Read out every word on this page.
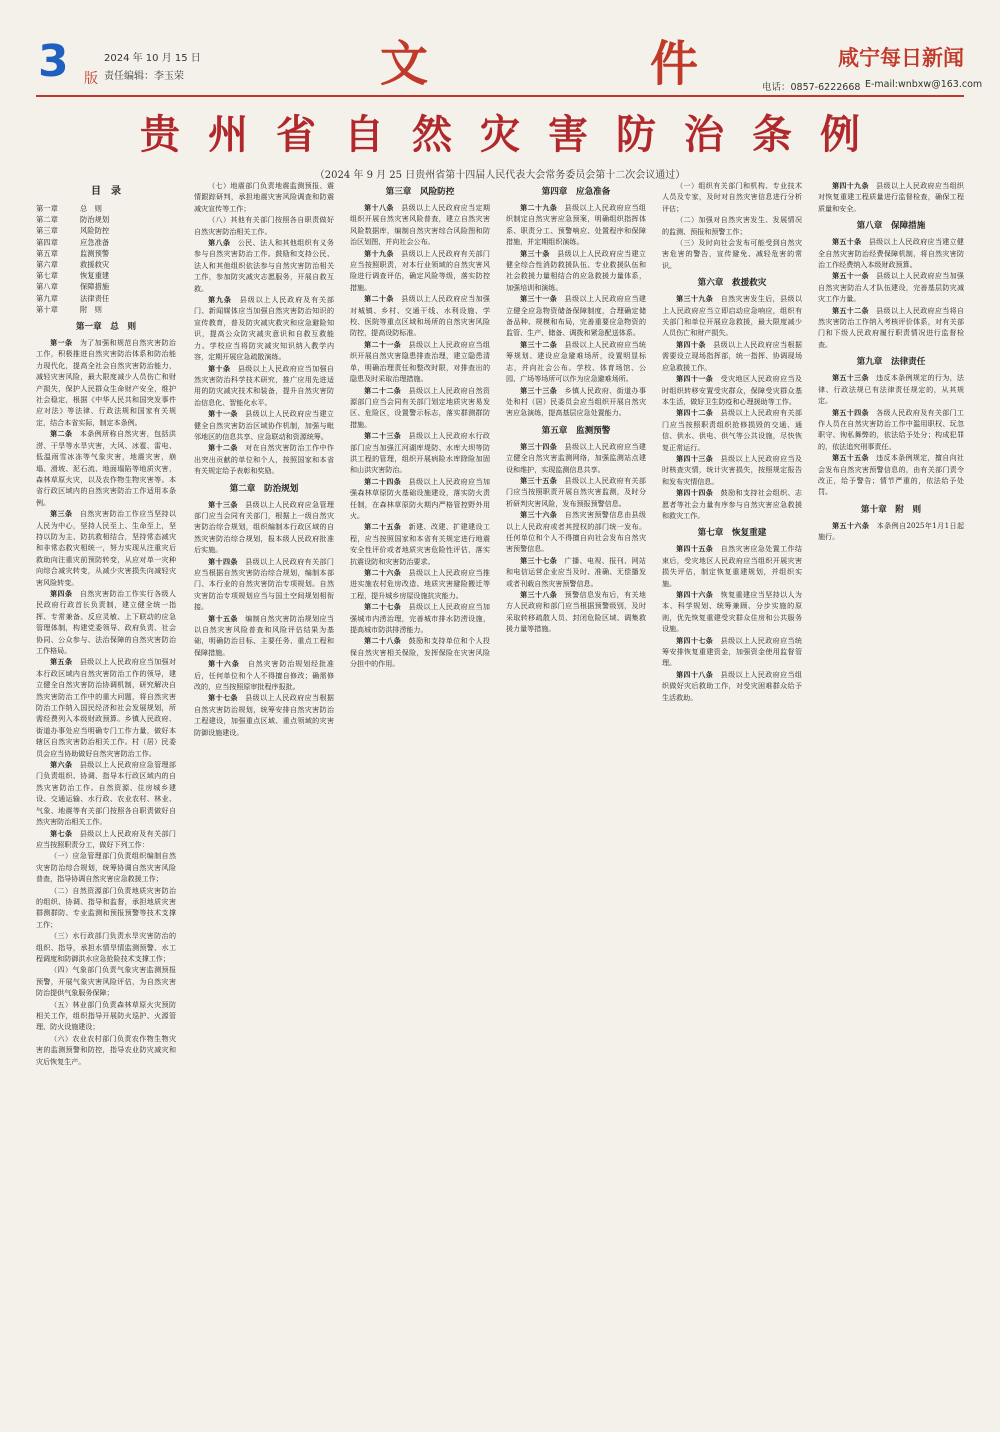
3 版
2024 年 10 月 15 日
责任编辑：李玉荣	文	件	咸宁每日新闻
电话：0857-6222668 E-mail:wnbxw@163.com
贵 州 省 自 然 灾 害 防 治 条 例
（2024 年 9 月 25 日贵州省第十四届人民代表大会常务委员会第十二次会议通过）
目　录
第一章	总　则
第二章	防治规划
第三章	风险防控
第四章	应急准备
第五章	监测预警
第六章	救援救灾
第七章	恢复重建
第八章	保障措施
第九章	法律责任
第十章	附　则
第一章　总　则

第一条　 为了加强和规范自然灾害防治工作，积极推进自然灾害防治体系和防治能力现代化，提高全社会自然灾害防治能力，减轻灾害风险，最大限度减少人员伤亡和财产损失，保护人民群众生命财产安全，维护社会稳定，根据《中华人民共和国突发事件应对法》等法律、行政法规和国家有关规定，结合本省实际，制定本条例。

第二条　 本条例所称自然灾害，包括洪涝、干旱等水旱灾害，大风、冰雹、雷电、低温雨雪冰冻等气象灾害，地震灾害，崩塌、滑坡、泥石流、地面塌陷等地质灾害，森林草原火灾，以及农作物生物灾害等。本省行政区域内的自然灾害防治工作适用本条例。

第三条　 自然灾害防治工作应当坚持以人民为中心，坚持人民至上、生命至上，坚持以防为主、防抗救相结合，坚持常态减灾和非常态救灾相统一，努力实现从注重灾后救助向注重灾前预防转变，从应对单一灾种向综合减灾转变，从减少灾害损失向减轻灾害风险转变。

第四条　 自然灾害防治工作实行各级人民政府行政首长负责制，建立健全统一指挥、专常兼备、反应灵敏、上下联动的应急管理体制，构建党委领导、政府负责、社会协同、公众参与、法治保障的自然灾害防治工作格局。

第五条　 县级以上人民政府应当加强对本行政区域内自然灾害防治工作的领导，建立健全自然灾害防治协调机制，研究解决自然灾害防治工作中的重大问题，将自然灾害防治工作纳入国民经济和社会发展规划，所需经费列入本级财政预算。乡镇人民政府、街道办事处应当明确专门工作力量，做好本辖区自然灾害防治相关工作。村（居）民委员会应当协助做好自然灾害防治工作。

第六条　 县级以上人民政府应急管理部门负责组织、协调、指导本行政区域内的自然灾害防治工作。自然资源、住房城乡建设、交通运输、水行政、农业农村、林业、气象、地震等有关部门按照各自职责做好自然灾害防治相关工作。

第七条　 县级以上人民政府及有关部门应当按照职责分工，做好下列工作：

（一）应急管理部门负责组织编制自然灾害防治综合规划，统筹协调自然灾害风险普查，指导协调自然灾害应急救援工作；

（二）自然资源部门负责地质灾害防治的组织、协调、指导和监督，承担地质灾害群测群防、专业监测和预报预警等技术支撑工作；

（三）水行政部门负责水旱灾害防治的组织、指导，承担水情旱情监测预警、水工程调度和防御洪水应急抢险技术支撑工作；

（四）气象部门负责气象灾害监测预报预警，开展气象灾害风险评估，为自然灾害防治提供气象服务保障；

（五）林业部门负责森林草原火灾预防相关工作，组织指导开展防火巡护、火源管理、防火设施建设；

（六）农业农村部门负责农作物生物灾害的监测预警和防控，指导农业防灾减灾和灾后恢复生产。

（七）地震部门负责地震监测预报、震情跟踪研判，承担地震灾害风险调查和防震减灾宣传等工作；

（八）其他有关部门按照各自职责做好自然灾害防治相关工作。

第八条　 公民、法人和其他组织有义务参与自然灾害防治工作。鼓励和支持公民、法人和其他组织依法参与自然灾害防治相关工作，参加防灾减灾志愿服务，开展自救互救。

第九条　 县级以上人民政府及有关部门、新闻媒体应当加强自然灾害防治知识的宣传教育，普及防灾减灾救灾和应急避险知识，提高公众防灾减灾意识和自救互救能力。学校应当将防灾减灾知识纳入教学内容，定期开展应急疏散演练。

第十条　 县级以上人民政府应当加强自然灾害防治科学技术研究，推广应用先进适用的防灾减灾技术和装备，提升自然灾害防治信息化、智能化水平。

第十一条　 县级以上人民政府应当建立健全自然灾害防治区域协作机制，加强与毗邻地区的信息共享、应急联动和资源统筹。

第十二条　 对在自然灾害防治工作中作出突出贡献的单位和个人，按照国家和本省有关规定给予表彰和奖励。

第二章　防治规划

第十三条　 县级以上人民政府应急管理部门应当会同有关部门，根据上一级自然灾害防治综合规划，组织编制本行政区域的自然灾害防治综合规划，报本级人民政府批准后实施。

第十四条　 县级以上人民政府有关部门应当根据自然灾害防治综合规划，编制本部门、本行业的自然灾害防治专项规划。自然灾害防治专项规划应当与国土空间规划相衔接。

第十五条　 编制自然灾害防治规划应当以自然灾害风险普查和风险评估结果为基础，明确防治目标、主要任务、重点工程和保障措施。

第十六条　 自然灾害防治规划经批准后，任何单位和个人不得擅自修改；确需修改的，应当按照原审批程序报批。

第十七条　 县级以上人民政府应当根据自然灾害防治规划，统筹安排自然灾害防治工程建设，加强重点区域、重点领域的灾害防御设施建设。

第三章　风险防控

第十八条　 县级以上人民政府应当定期组织开展自然灾害风险普查，建立自然灾害风险数据库，编制自然灾害综合风险图和防治区划图，并向社会公布。

第十九条　 县级以上人民政府有关部门应当按照职责，对本行业领域的自然灾害风险进行调查评估，确定风险等级，落实防控措施。

第二十条　 县级以上人民政府应当加强对城镇、乡村、交通干线、水利设施、学校、医院等重点区域和场所的自然灾害风险防控，提高设防标准。

第二十一条　 县级以上人民政府应当组织开展自然灾害隐患排查治理，建立隐患清单，明确治理责任和整改时限，对排查出的隐患及时采取治理措施。

第二十二条　 县级以上人民政府自然资源部门应当会同有关部门划定地质灾害易发区、危险区，设置警示标志，落实群测群防措施。

第二十三条　 县级以上人民政府水行政部门应当加强江河湖库堤防、水库大坝等防洪工程的管理，组织开展病险水库除险加固和山洪灾害防治。

第二十四条　 县级以上人民政府应当加强森林草原防火基础设施建设，落实防火责任制，在森林草原防火期内严格管控野外用火。

第二十五条　 新建、改建、扩建建设工程，应当按照国家和本省有关规定进行地震安全性评价或者地质灾害危险性评估，落实抗震设防和灾害防治要求。

第二十六条　 县级以上人民政府应当推进实施农村危房改造、地质灾害避险搬迁等工程，提升城乡房屋设施抗灾能力。

第二十七条　 县级以上人民政府应当加强城市内涝治理，完善城市排水防涝设施，提高城市防洪排涝能力。

第二十八条　 鼓励和支持单位和个人投保自然灾害相关保险，发挥保险在灾害风险分担中的作用。

第四章　应急准备

第二十九条　 县级以上人民政府应当组织制定自然灾害应急预案，明确组织指挥体系、职责分工、预警响应、处置程序和保障措施，并定期组织演练。

第三十条　 县级以上人民政府应当建立健全综合性消防救援队伍、专业救援队伍和社会救援力量相结合的应急救援力量体系，加强培训和演练。

第三十一条　 县级以上人民政府应当建立健全应急物资储备保障制度，合理确定储备品种、规模和布局，完善重要应急物资的监管、生产、储备、调拨和紧急配送体系。

第三十二条　 县级以上人民政府应当统筹规划、建设应急避难场所，设置明显标志，并向社会公布。学校、体育场馆、公园、广场等场所可以作为应急避难场所。

第三十三条　 乡镇人民政府、街道办事处和村（居）民委员会应当组织开展自然灾害应急演练，提高基层应急处置能力。

第五章　监测预警

第三十四条　 县级以上人民政府应当建立健全自然灾害监测网络，加强监测站点建设和维护，实现监测信息共享。

第三十五条　 县级以上人民政府有关部门应当按照职责开展自然灾害监测，及时分析研判灾害风险，发布预报预警信息。

第三十六条　 自然灾害预警信息由县级以上人民政府或者其授权的部门统一发布。任何单位和个人不得擅自向社会发布自然灾害预警信息。

第三十七条　 广播、电视、报刊、网站和电信运营企业应当及时、准确、无偿播发或者刊载自然灾害预警信息。

第三十八条　 预警信息发布后，有关地方人民政府和部门应当根据预警级别，及时采取转移疏散人员、封闭危险区域、调集救援力量等措施。

（一）组织有关部门和机构、专业技术人员及专家，及时对自然灾害信息进行分析评估；

（二）加强对自然灾害发生、发展情况的监测、预报和预警工作；

（三）及时向社会发布可能受到自然灾害危害的警告，宣传避免、减轻危害的常识。

第六章　救援救灾

第三十九条　 自然灾害发生后，县级以上人民政府应当立即启动应急响应，组织有关部门和单位开展应急救援，最大限度减少人员伤亡和财产损失。

第四十条　 县级以上人民政府应当根据需要设立现场指挥部，统一指挥、协调现场应急救援工作。

第四十一条　 受灾地区人民政府应当及时组织转移安置受灾群众，保障受灾群众基本生活，做好卫生防疫和心理援助等工作。

第四十二条　 县级以上人民政府有关部门应当按照职责组织抢修损毁的交通、通信、供水、供电、供气等公共设施，尽快恢复正常运行。

第四十三条　 县级以上人民政府应当及时核查灾情，统计灾害损失，按照规定报告和发布灾情信息。

第四十四条　 鼓励和支持社会组织、志愿者等社会力量有序参与自然灾害应急救援和救灾工作。

第七章　恢复重建

第四十五条　 自然灾害应急处置工作结束后，受灾地区人民政府应当组织开展灾害损失评估，制定恢复重建规划，并组织实施。

第四十六条　 恢复重建应当坚持以人为本、科学规划、统筹兼顾、分步实施的原则，优先恢复重建受灾群众住房和公共服务设施。

第四十七条　 县级以上人民政府应当统筹安排恢复重建资金，加强资金使用监督管理。

第四十八条　 县级以上人民政府应当组织做好灾后救助工作，对受灾困难群众给予生活救助。

第四十九条　 县级以上人民政府应当组织对恢复重建工程质量进行监督检查，确保工程质量和安全。

第八章　保障措施

第五十条　 县级以上人民政府应当建立健全自然灾害防治经费保障机制，将自然灾害防治工作经费纳入本级财政预算。

第五十一条　 县级以上人民政府应当加强自然灾害防治人才队伍建设，完善基层防灾减灾工作力量。

第五十二条　 县级以上人民政府应当将自然灾害防治工作纳入考核评价体系，对有关部门和下级人民政府履行职责情况进行监督检查。

第九章　法律责任

第五十三条　 违反本条例规定的行为，法律、行政法规已有法律责任规定的，从其规定。

第五十四条　 各级人民政府及有关部门工作人员在自然灾害防治工作中滥用职权、玩忽职守、徇私舞弊的，依法给予处分；构成犯罪的，依法追究刑事责任。

第五十五条　 违反本条例规定，擅自向社会发布自然灾害预警信息的，由有关部门责令改正，给予警告；情节严重的，依法给予处罚。

第十章　附　则

第五十六条　 本条例自2025年1月1日起施行。
